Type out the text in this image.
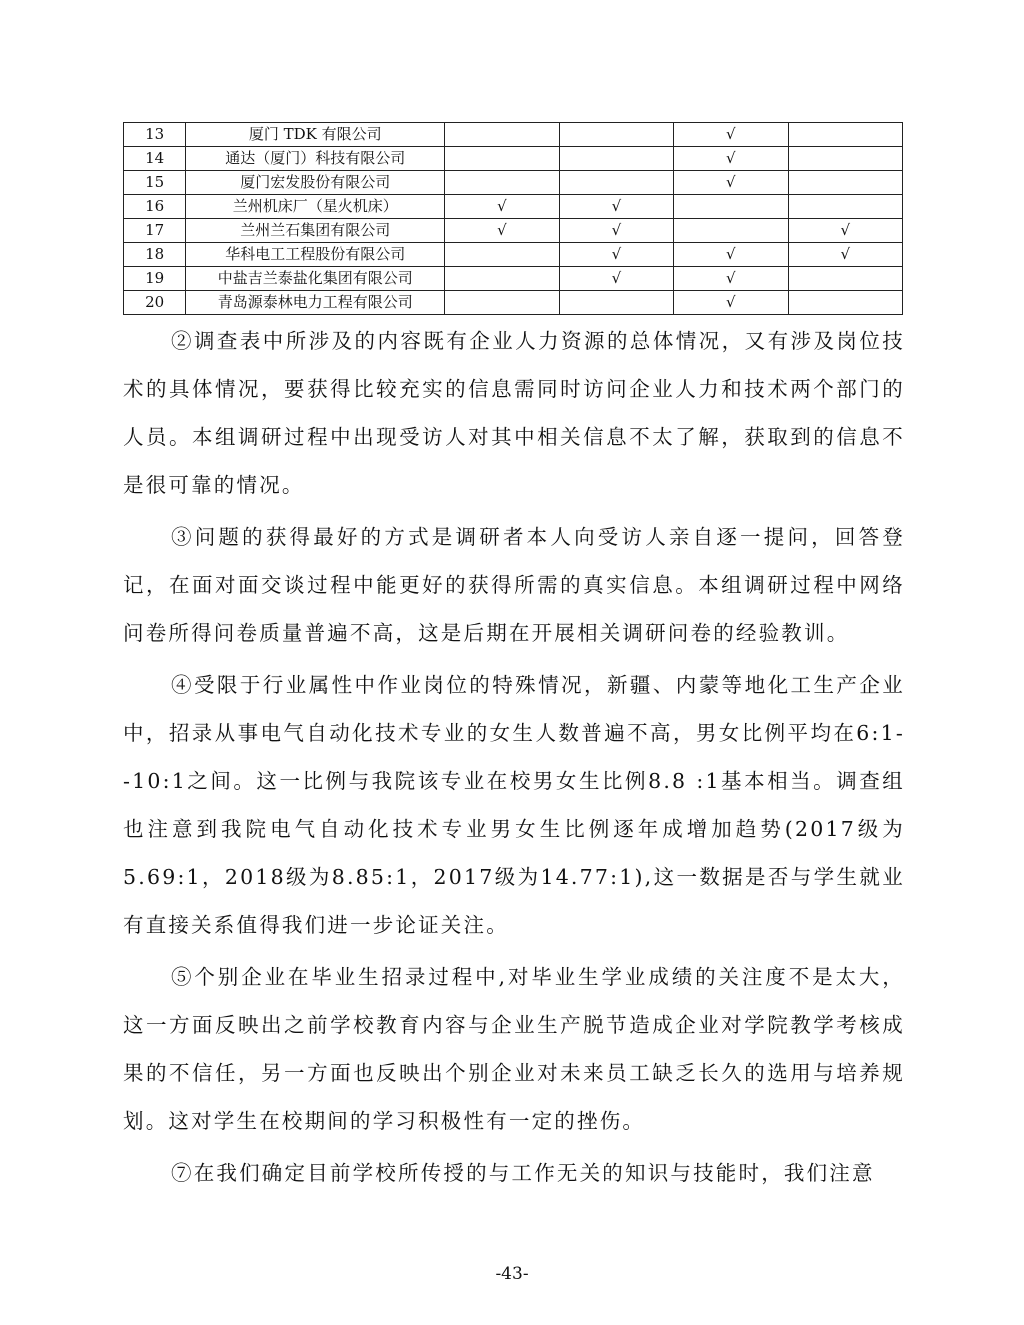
13	厦门 TDK 有限公司			√	
14	通达（厦门）科技有限公司			√	
15	厦门宏发股份有限公司			√	
16	兰州机床厂（星火机床）	√	√		
17	兰州兰石集团有限公司	√	√		√
18	华科电工工程股份有限公司		√	√	√
19	中盐吉兰泰盐化集团有限公司		√	√	
20	青岛源泰林电力工程有限公司			√	

②调查表中所涉及的内容既有企业人力资源的总体情况，又有涉及岗位技术的具体情况，要获得比较充实的信息需同时访问企业人力和技术两个部门的人员。本组调研过程中出现受访人对其中相关信息不太了解，获取到的信息不是很可靠的情况。

③问题的获得最好的方式是调研者本人向受访人亲自逐一提问，回答登记，在面对面交谈过程中能更好的获得所需的真实信息。本组调研过程中网络问卷所得问卷质量普遍不高，这是后期在开展相关调研问卷的经验教训。

④受限于行业属性中作业岗位的特殊情况，新疆、内蒙等地化工生产企业中，招录从事电气自动化技术专业的女生人数普遍不高，男女比例平均在6:1--10:1之间。这一比例与我院该专业在校男女生比例8.8 :1基本相当。调查组也注意到我院电气自动化技术专业男女生比例逐年成增加趋势(2017级为5.69:1，2018级为8.85:1，2017级为14.77:1),这一数据是否与学生就业有直接关系值得我们进一步论证关注。

⑤个别企业在毕业生招录过程中,对毕业生学业成绩的关注度不是太大，这一方面反映出之前学校教育内容与企业生产脱节造成企业对学院教学考核成果的不信任，另一方面也反映出个别企业对未来员工缺乏长久的选用与培养规划。这对学生在校期间的学习积极性有一定的挫伤。

⑦在我们确定目前学校所传授的与工作无关的知识与技能时，我们注意

-43-
